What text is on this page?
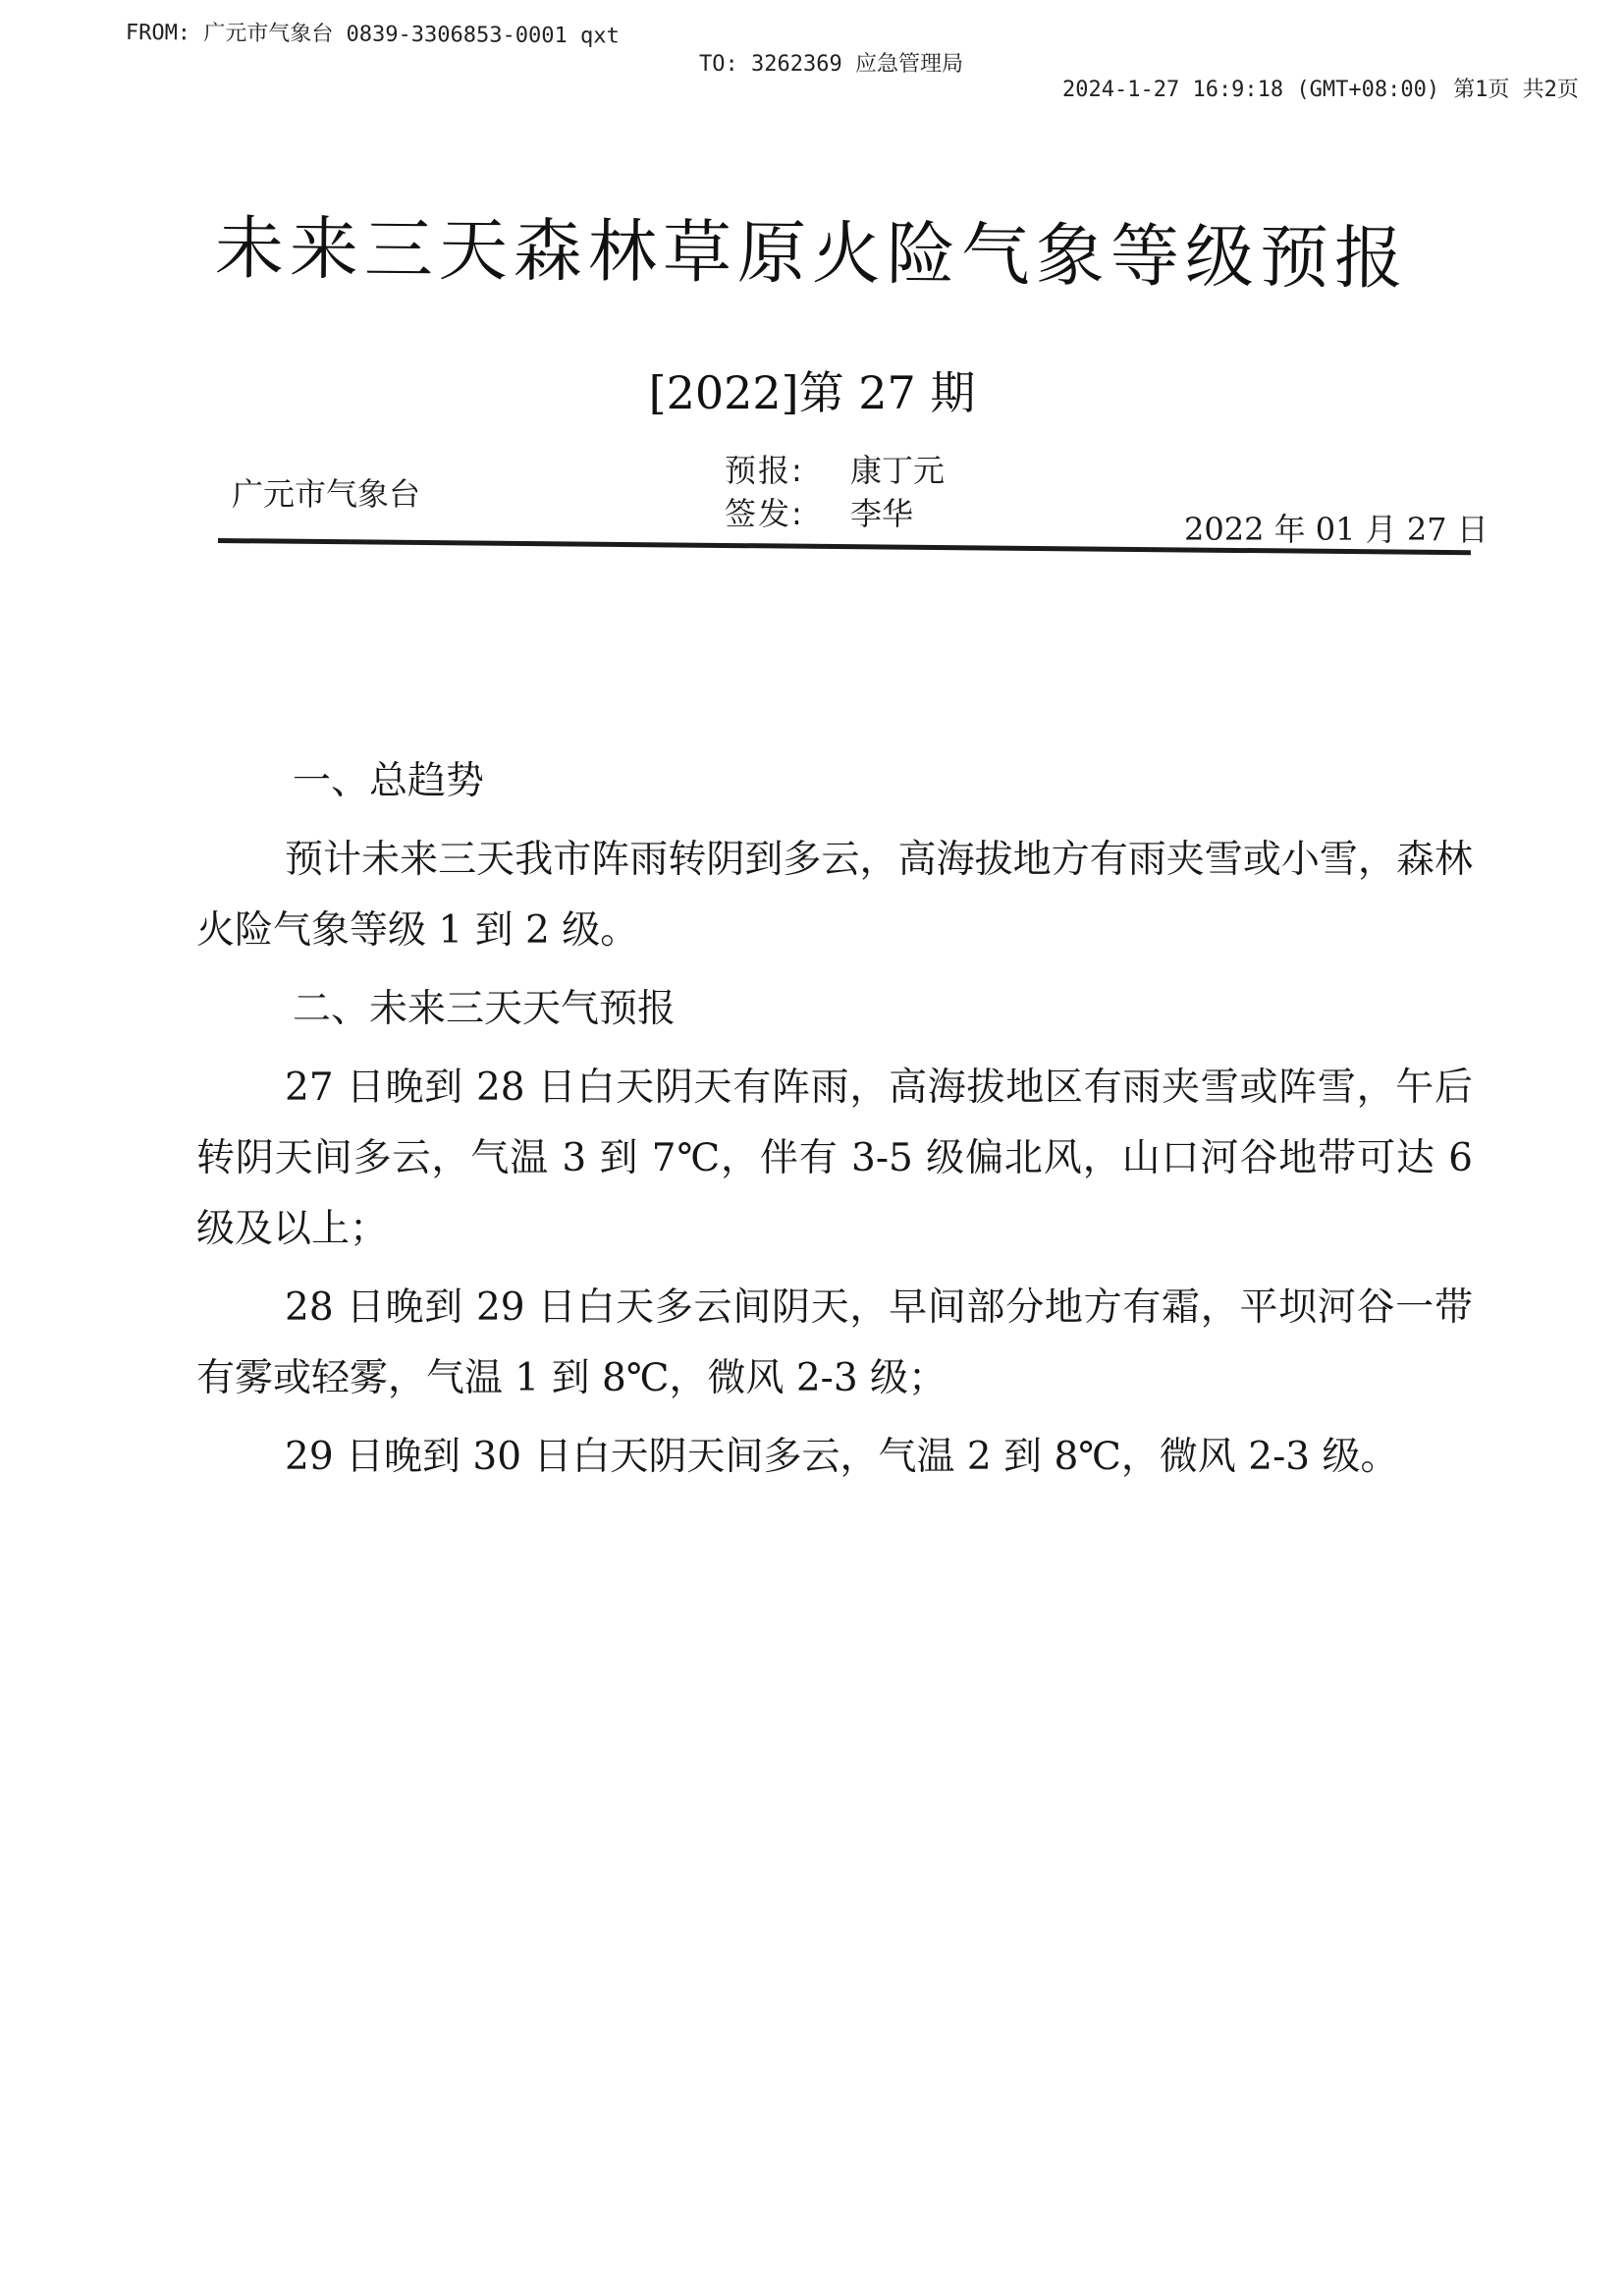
FROM: 广元市气象台 0839-3306853-0001 qxt
TO: 3262369 应急管理局
2024-1-27 16:9:18 (GMT+08:00) 第1页 共2页
未来三天森林草原火险气象等级预报
[2022]第 27 期
广元市气象台
预报: 康丁元
签发: 李华	2022 年 01 月 27 日

一、总趋势

预计未来三天我市阵雨转阴到多云，高海拔地方有雨夹雪或小雪，森林火险气象等级 1 到 2 级。

二、未来三天天气预报

27 日晚到 28 日白天阴天有阵雨，高海拔地区有雨夹雪或阵雪，午后转阴天间多云，气温 3 到 7℃，伴有 3-5 级偏北风，山口河谷地带可达 6 级及以上；

28 日晚到 29 日白天多云间阴天，早间部分地方有霜，平坝河谷一带有雾或轻雾，气温 1 到 8℃，微风 2-3 级；

29 日晚到 30 日白天阴天间多云，气温 2 到 8℃，微风 2-3 级。
